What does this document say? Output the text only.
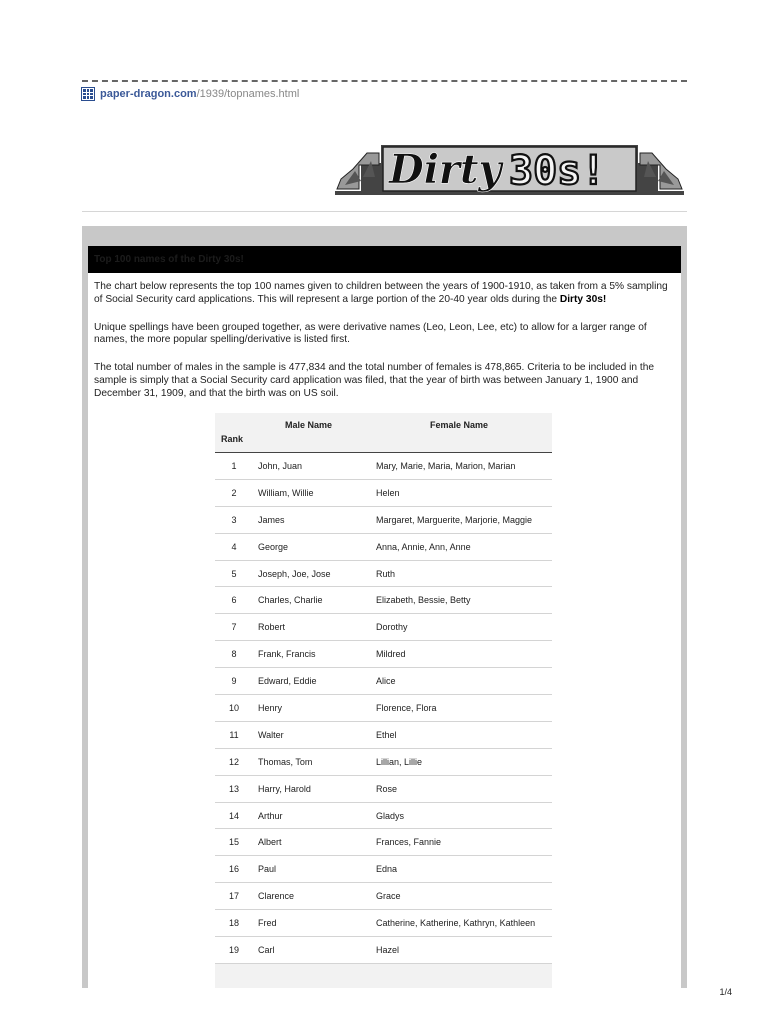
paper-dragon.com /1939/topnames.html
Dirty 30s!
Top 100 names of the Dirty 30s!

The chart below represents the top 100 names given to children between the years of 1900-1910, as taken from a 5% sampling of Social Security card applications. This will represent a large portion of the 20-40 year olds during the Dirty 30s!

Unique spellings have been grouped together, as were derivative names (Leo, Leon, Lee, etc) to allow for a larger range of names, the more popular spelling/derivative is listed first.

The total number of males in the sample is 477,834 and the total number of females is 478,865. Criteria to be included in the sample is simply that a Social Security card application was filed, that the year of birth was between January 1, 1900 and December 31, 1909, and that the birth was on US soil.

Rank
Male Name	Female Name
1	John, Juan	Mary, Marie, Maria, Marion, Marian
2	William, Willie	Helen
3	James	Margaret, Marguerite, Marjorie, Maggie
4	George	Anna, Annie, Ann, Anne
5	Joseph, Joe, Jose	Ruth
6	Charles, Charlie	Elizabeth, Bessie, Betty
7	Robert	Dorothy
8	Frank, Francis	Mildred
9	Edward, Eddie	Alice
10	Henry	Florence, Flora
11	Walter	Ethel
12	Thomas, Tom	Lillian, Lillie
13	Harry, Harold	Rose
14	Arthur	Gladys
15	Albert	Frances, Fannie
16	Paul	Edna
17	Clarence	Grace
18	Fred	Catherine, Katherine, Kathryn, Kathleen
19	Carl	Hazel
1/4
